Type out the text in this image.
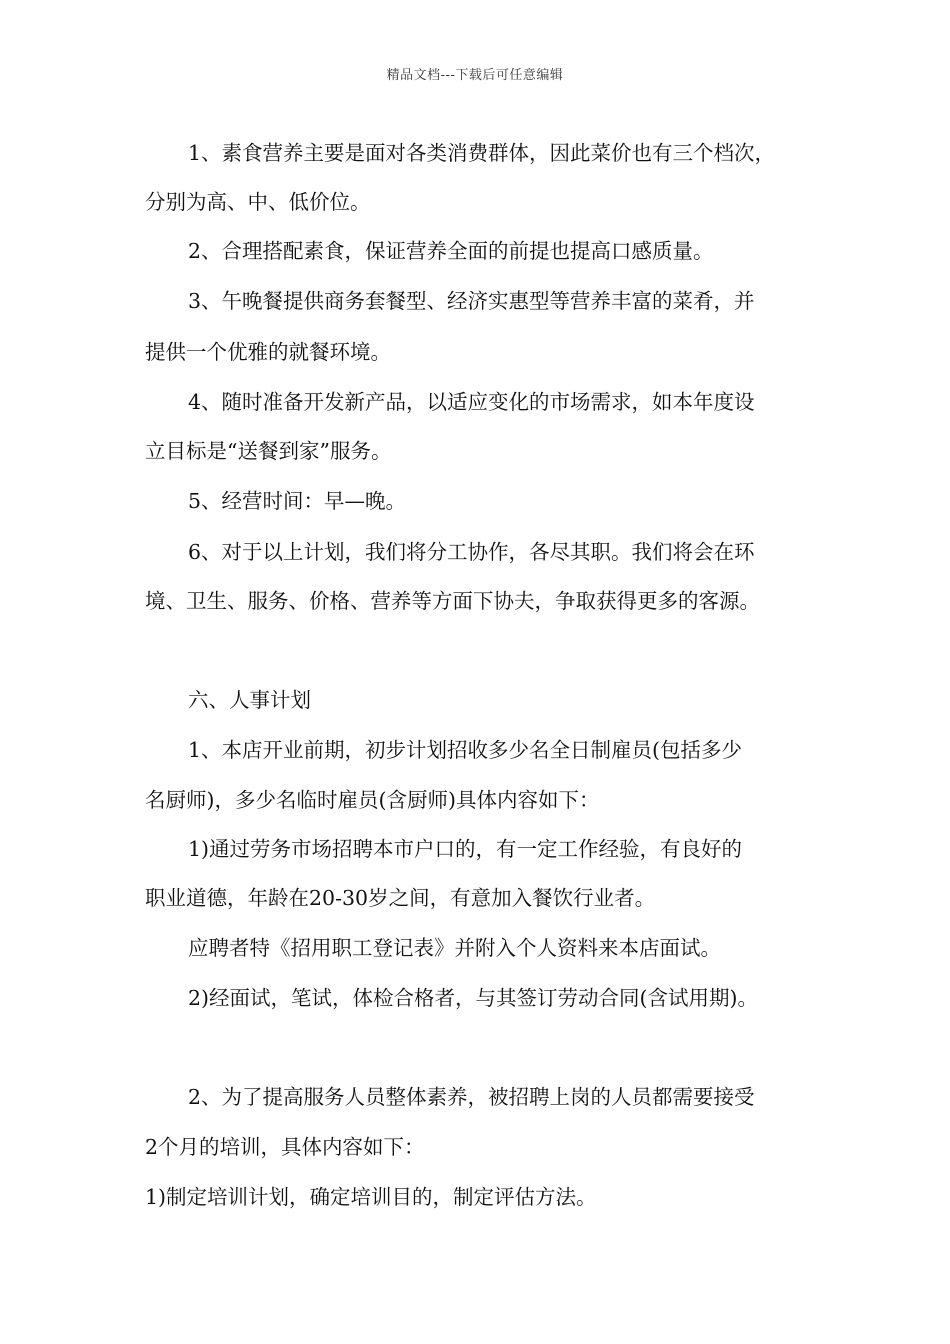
精品文档---下载后可任意编辑
1、素食营养主要是面对各类消费群体，因此菜价也有三个档次，
分别为高、中、低价位。
2、合理搭配素食，保证营养全面的前提也提高口感质量。
3、午晚餐提供商务套餐型、经济实惠型等营养丰富的菜肴，并
提供一个优雅的就餐环境。
4、随时准备开发新产品，以适应变化的市场需求，如本年度设
立目标是“送餐到家”服务。
5、经营时间：早—晚。
6、对于以上计划，我们将分工协作，各尽其职。我们将会在环
境、卫生、服务、价格、营养等方面下协夫，争取获得更多的客源。
六、人事计划
1、本店开业前期，初步计划招收多少名全日制雇员(包括多少
名厨师)，多少名临时雇员(含厨师)具体内容如下：
1)通过劳务市场招聘本市户口的，有一定工作经验，有良好的
职业道德，年龄在20-30岁之间，有意加入餐饮行业者。
应聘者特《招用职工登记表》并附入个人资料来本店面试。
2)经面试，笔试，体检合格者，与其签订劳动合同(含试用期)。
2、为了提高服务人员整体素养，被招聘上岗的人员都需要接受
2个月的培训，具体内容如下：
1)制定培训计划，确定培训目的，制定评估方法。
